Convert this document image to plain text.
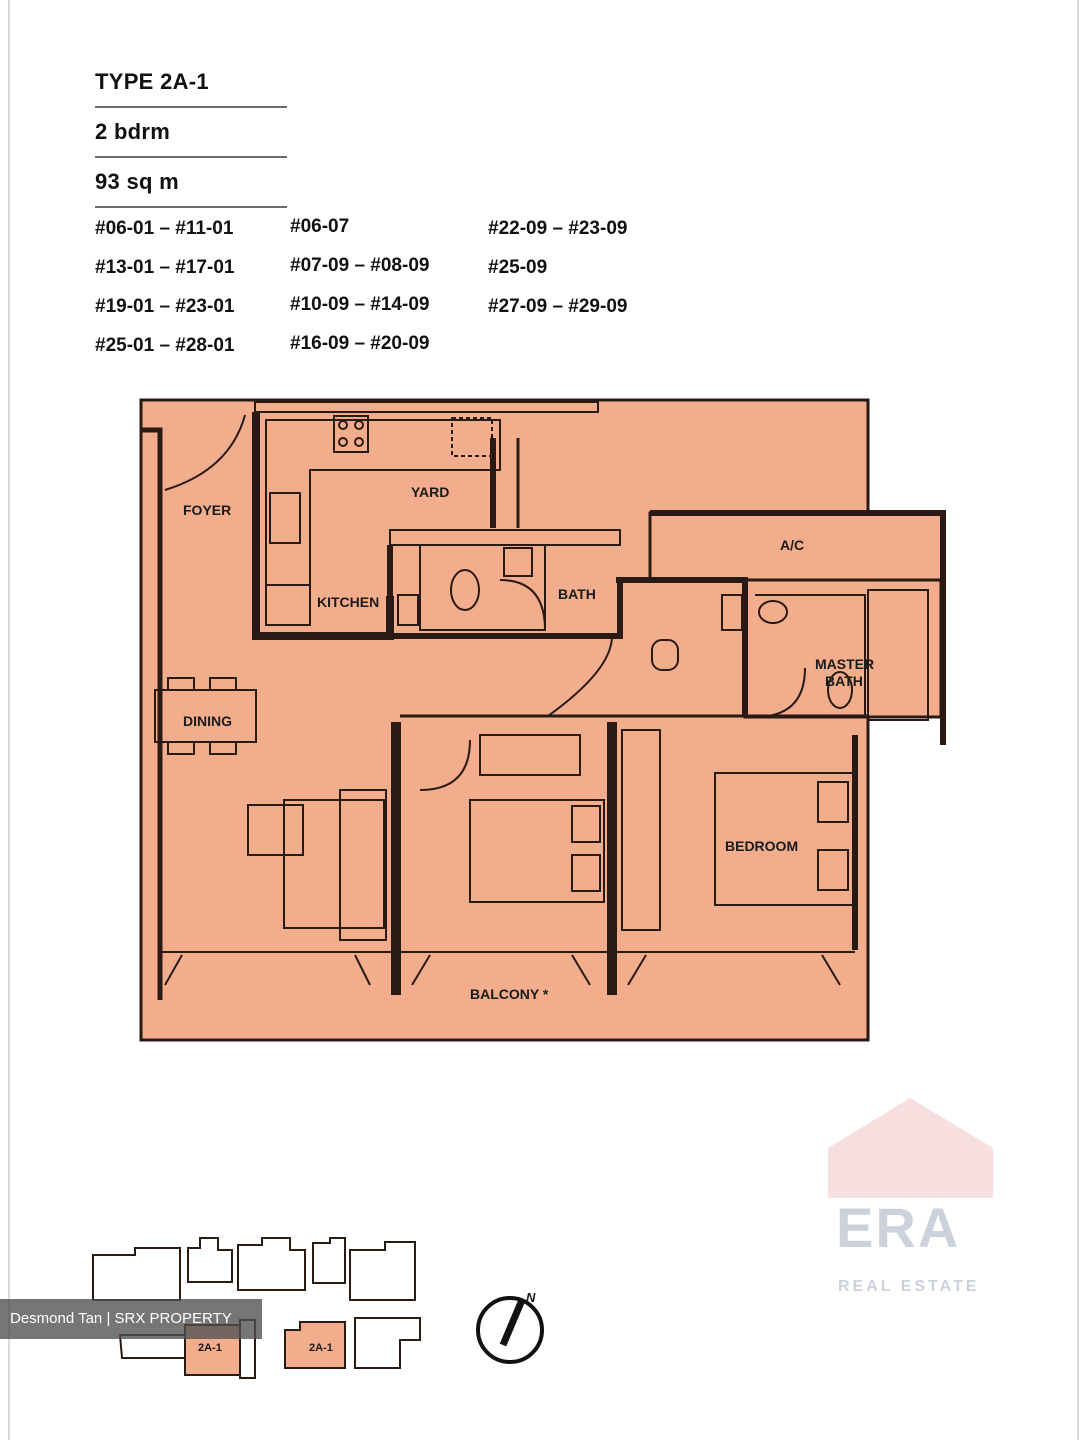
TYPE 2A-1
2 bdrm
93 sq m
#06-01 – #11-01
#13-01 – #17-01
#19-01 – #23-01
#25-01 – #28-01
#06-07
#07-09 – #08-09
#10-09 – #14-09
#16-09 – #20-09
#22-09 – #23-09
#25-09
#27-09 – #29-09
FOYER
YARD
KITCHEN	BATH
A/C
MASTER
BATH
DINING
BALCONY *
BEDROOM
2A-1	2A-1
N
ERA
REAL ESTATE
Desmond Tan | SRX PROPERTY
